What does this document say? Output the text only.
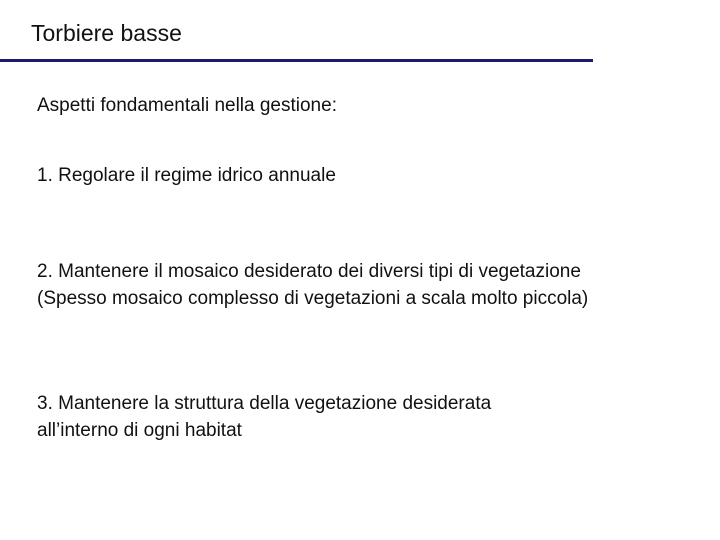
Torbiere basse
Aspetti fondamentali nella gestione:
1. Regolare il regime idrico annuale
2. Mantenere il mosaico desiderato dei diversi tipi di vegetazione
(Spesso mosaico complesso di vegetazioni a scala molto piccola)
3. Mantenere la struttura della vegetazione desiderata
all’interno di ogni habitat
